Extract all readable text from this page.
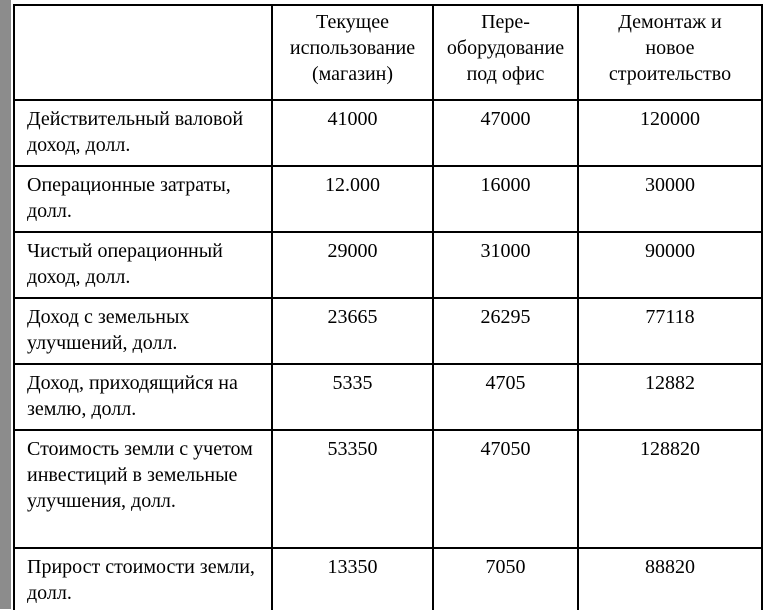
	Текущее
использование
(магазин)	Пере-
оборудование
под офис	Демонтаж и
новое
строительство
Действительный валовой доход, долл.	41000	47000	120000
Операционные затраты, долл.	12.000	16000	30000
Чистый операционный доход, долл.	29000	31000	90000
Доход с земельных улучшений, долл.	23665	26295	77118
Доход, приходящийся на землю, долл.	5335	4705	12882
Стоимость земли с учетом инвестиций в земельные улучшения, долл.	53350	47050	128820
Прирост стоимости земли, долл.	13350	7050	88820
